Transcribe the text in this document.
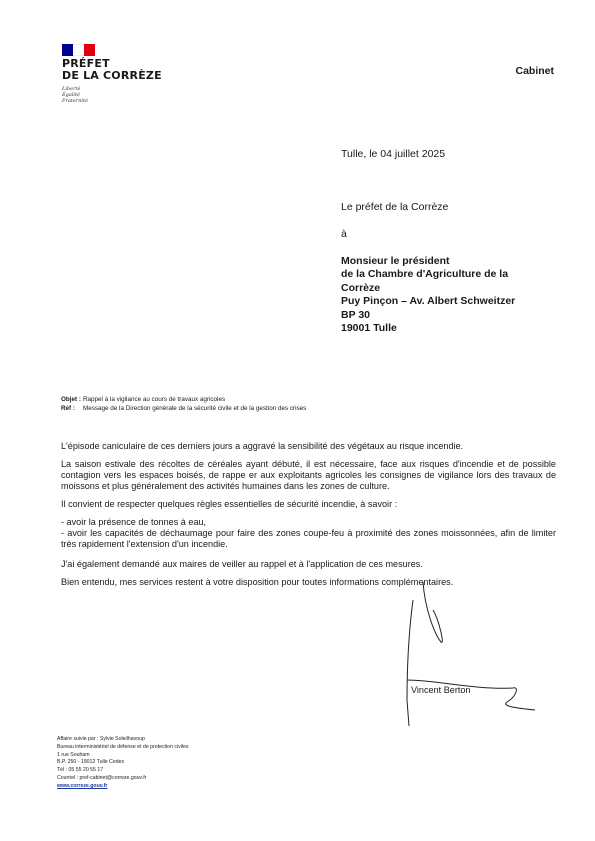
PRÉFET
DE LA CORRÈZE
Liberté
Égalité
Fraternité
Cabinet
Tulle, le 04 juillet 2025
Le préfet de la Corrèze
à
Monsieur le président
de la Chambre d'Agriculture de la Corrèze
Puy Pinçon – Av. Albert Schweitzer
BP 30
19001 Tulle
Objet : Rappel à la vigilance au cours de travaux agricoles
Réf : Message de la Direction générale de la sécurité civile et de la gestion des crises

L'épisode caniculaire de ces derniers jours a aggravé la sensibilité des végétaux au risque incendie.

La saison estivale des récoltes de céréales ayant débuté, il est nécessaire, face aux risques d'incendie et de possible contagion vers les espaces boisés, de rappe er aux exploitants agricoles les consignes de vigilance lors des travaux de moissons et plus généralement des activités humaines dans les zones de culture.

Il convient de respecter quelques règles essentielles de sécurité incendie, à savoir :

- avoir la présence de tonnes à eau,
- avoir les capacités de déchaumage pour faire des zones coupe-feu à proximité des zones moissonnées, afin de limiter très rapidement l'extension d'un incendie.

J'ai également demandé aux maires de veiller au rappel et à l'application de ces mesures.

Bien entendu, mes services restent à votre disposition pour toutes informations complémentaires.

Vincent Berton
Affaire suivie par : Sylvie Soleilhavoup
Bureau interministériel de défense et de protection civiles
1 rue Souham
B.P. 250 - 19012 Tulle Cedex
Tél : 05 55 20 55 17
Courriel : pref-cabinet@correze.gouv.fr
www.correze.gouv.fr
